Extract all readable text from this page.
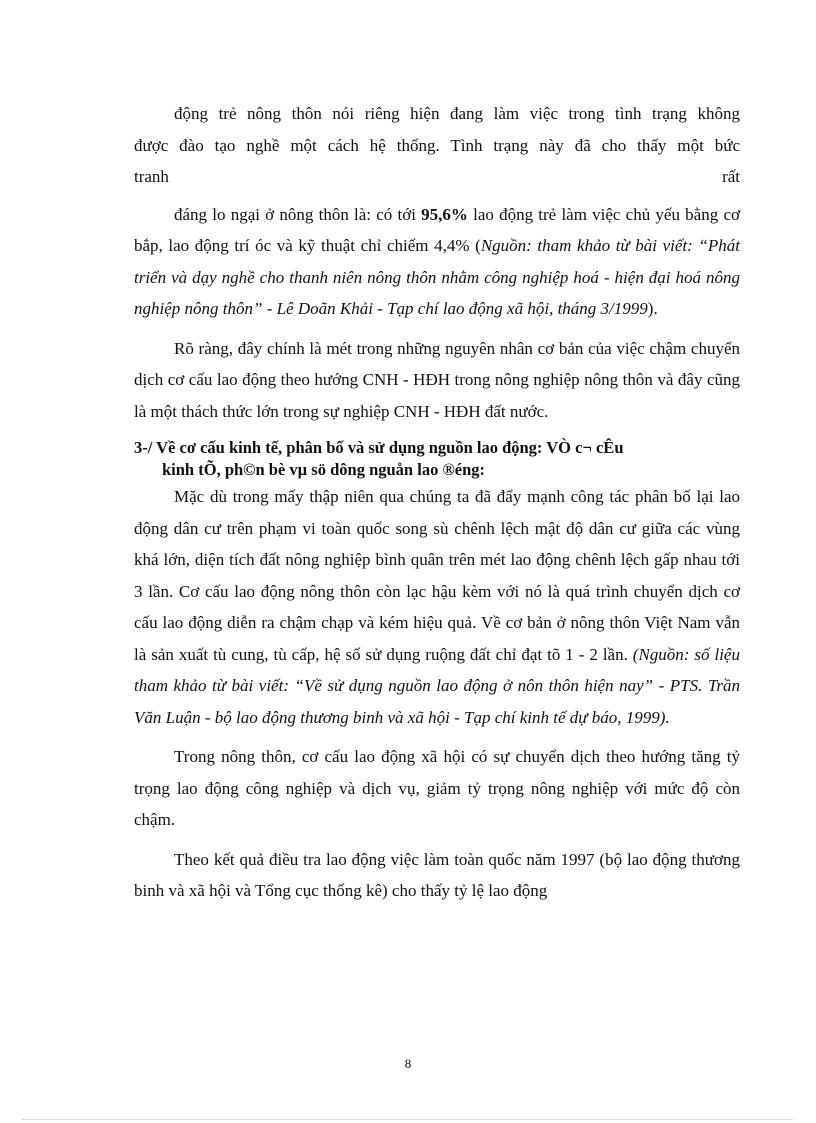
động trẻ nông thôn nói riêng hiện đang làm việc trong tình trạng không

được đào tạo nghề một cách hệ thống. Tình trạng này đã cho thấy một bức

tranh	rất

đáng lo ngại ở nông thôn là: có tới 95,6% lao động trẻ làm việc chủ yếu bằng cơ bắp, lao động trí óc và kỹ thuật chỉ chiếm 4,4% (Nguồn: tham khảo từ bài viết: “Phát triển và dạy nghề cho thanh niên nông thôn nhằm công nghiệp hoá - hiện đại hoá nông nghiệp nông thôn” - Lê Doãn Khải - Tạp chí lao động xã hội, tháng 3/1999).

Rõ ràng, đây chính là mét trong những nguyên nhân cơ bản của việc chậm chuyển dịch cơ cấu lao động theo hướng CNH - HĐH trong nông nghiệp nông thôn và đây cũng là một thách thức lớn trong sự nghiệp CNH - HĐH đất nước.

3-/ Về cơ cấu kinh tế, phân bố và sử dụng nguồn lao động: VÒ c¬ cÊu
kinh tÕ, ph©n bè vµ sö dông nguån lao ®éng:

Mặc dù trong mấy thập niên qua chúng ta đã đẩy mạnh công tác phân bố lại lao động dân cư trên phạm vi toàn quốc song sù chênh lệch mật độ dân cư giữa các vùng khá lớn, diện tích đất nông nghiệp bình quân trên mét lao động chênh lệch gấp nhau tới 3 lần. Cơ cấu lao động nông thôn còn lạc hậu kèm với nó là quá trình chuyển dịch cơ cấu lao động diễn ra chậm chạp và kém hiệu quả. Về cơ bản ở nông thôn Việt Nam vẫn là sản xuất tù cung, tù cấp, hệ số sử dụng ruộng đất chỉ đạt tõ 1 - 2 lần. (Nguồn: số liệu tham khảo từ bài viết: “Về sử dụng nguồn lao động ở nôn thôn hiện nay” - PTS. Trần Văn Luận - bộ lao động thương binh và xã hội - Tạp chí kinh tế dự báo, 1999).

Trong nông thôn, cơ cấu lao động xã hội có sự chuyển dịch theo hướng tăng tỷ trọng lao động công nghiệp và dịch vụ, giảm tỷ trọng nông nghiệp với mức độ còn chậm.

Theo kết quả điều tra lao động việc làm toàn quốc năm 1997 (bộ lao động thương binh và xã hội và Tổng cục thống kê) cho thấy tỷ lệ lao động

8
